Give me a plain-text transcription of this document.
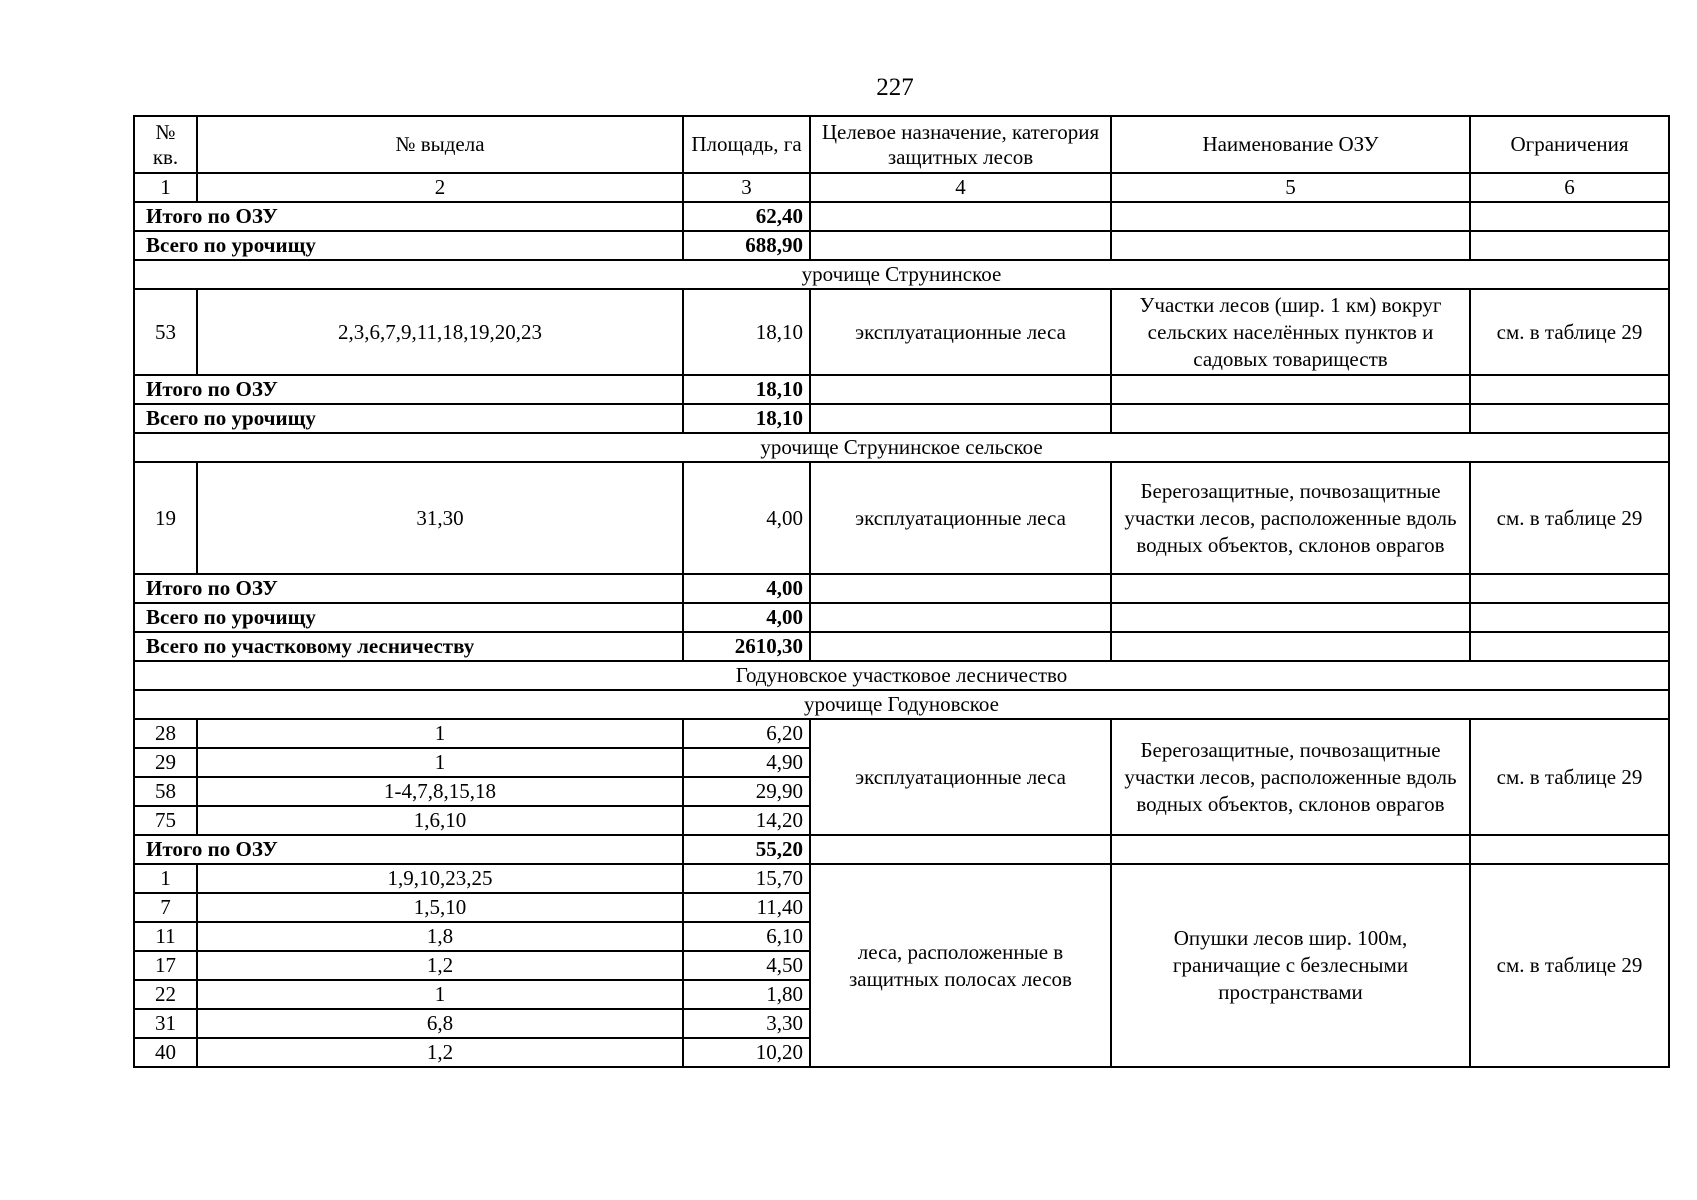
227
№ кв.	№ выдела	Площадь, га	Целевое назначение, категория защитных лесов	Наименование ОЗУ	Ограничения
1	2	3	4	5	6
Итого по ОЗУ		62,40			
Всего по урочищу		688,90			
урочище Струнинское					
53	2,3,6,7,9,11,18,19,20,23	18,10	эксплуатационные леса	Участки лесов (шир. 1 км) вокруг сельских населённых пунктов и садовых товариществ	см. в таблице 29
Итого по ОЗУ		18,10			
Всего по урочищу		18,10			
урочище Струнинское сельское					
19	31,30	4,00	эксплуатационные леса	Берегозащитные, почвозащитные участки лесов, расположенные вдоль водных объектов, склонов оврагов	см. в таблице 29
Итого по ОЗУ		4,00			
Всего по урочищу		4,00			
Всего по участковому лесничеству		2610,30			
Годуновское участковое лесничество					
урочище Годуновское					
28	1	6,20	эксплуатационные леса	Берегозащитные, почвозащитные участки лесов, расположенные вдоль водных объектов, склонов оврагов	см. в таблице 29
29	1	4,90			
58	1-4,7,8,15,18	29,90			
75	1,6,10	14,20			
Итого по ОЗУ		55,20			
1	1,9,10,23,25	15,70	леса, расположенные в защитных полосах лесов	Опушки лесов шир. 100м, граничащие с безлесными пространствами	см. в таблице 29
7	1,5,10	11,40			
11	1,8	6,10			
17	1,2	4,50			
22	1	1,80			
31	6,8	3,30			
40	1,2	10,20			
